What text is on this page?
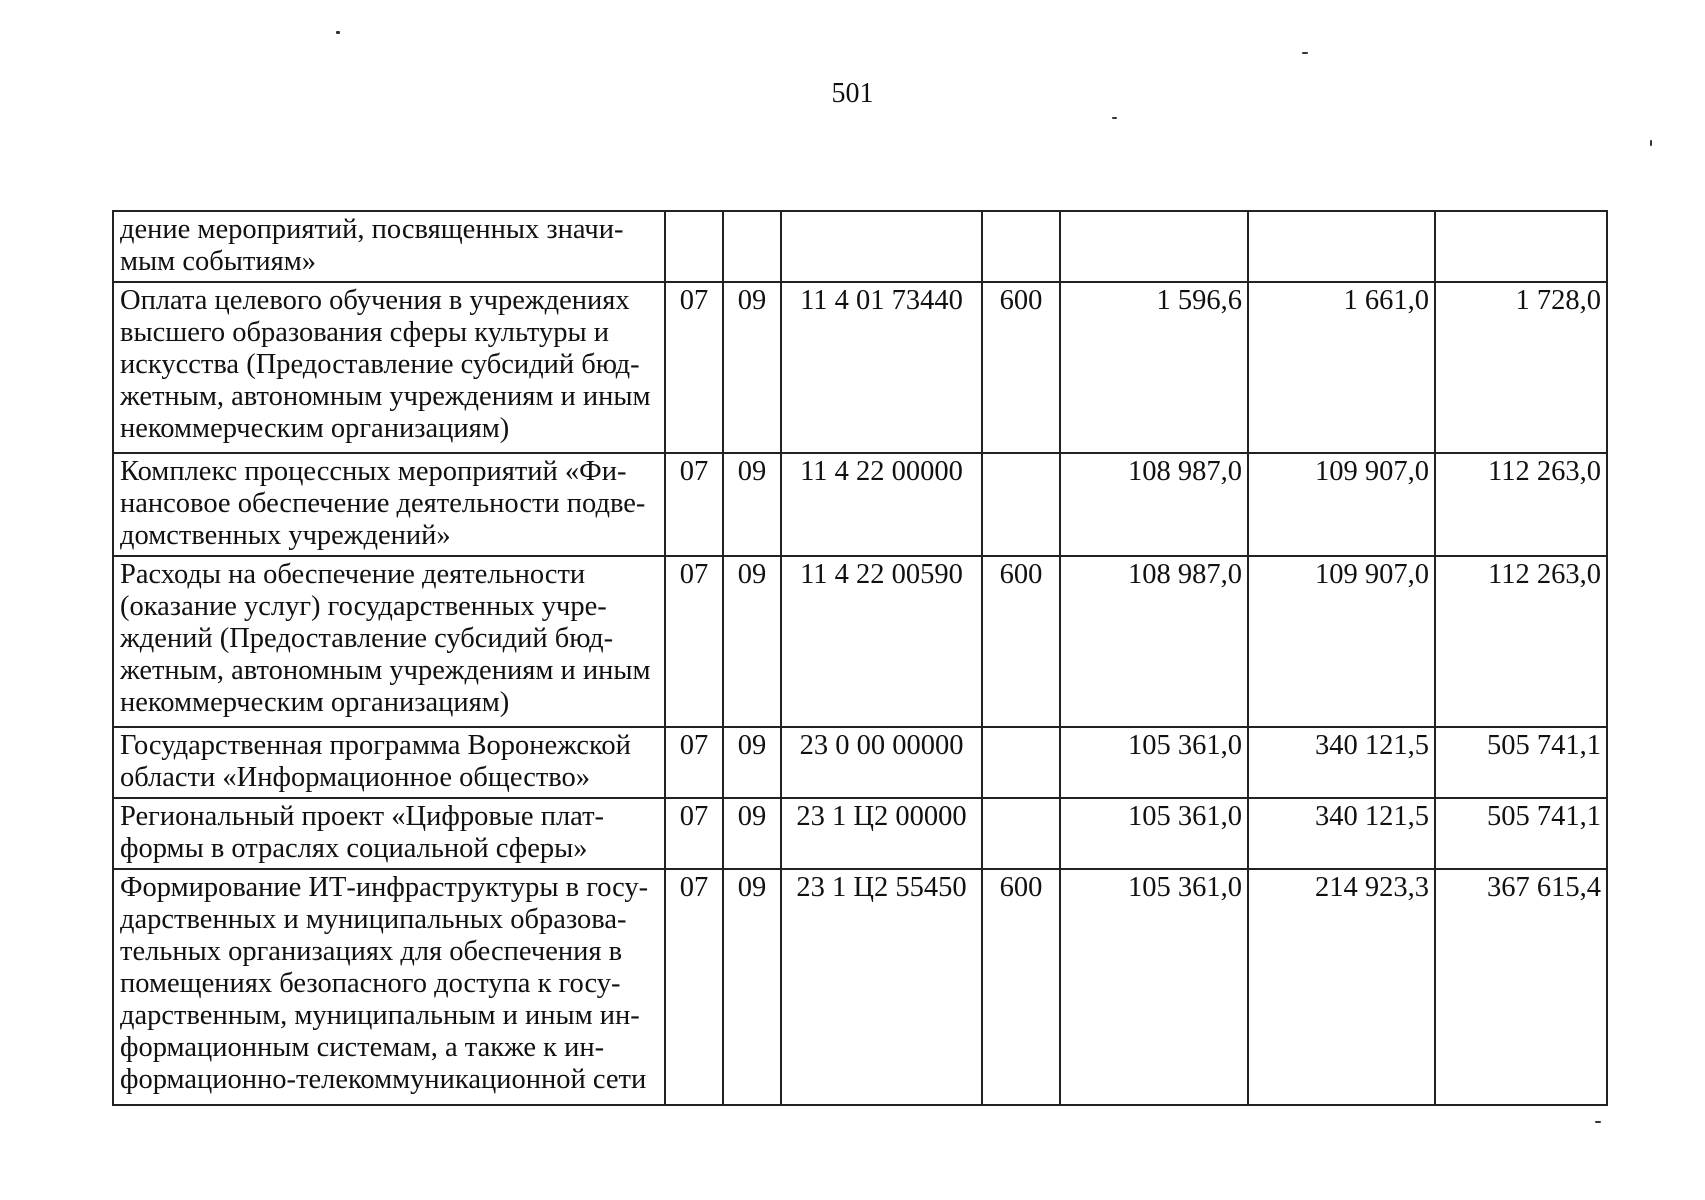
501
дение мероприятий, посвященных значи-
мым событиям»							
Оплата целевого обучения в учреждениях высшего образования сферы культуры и искусства (Предоставление субсидий бюд-жетным, автономным учреждениям и иным некоммерческим организациям)	07	09	11 4 01 73440	600	1 596,6	1 661,0	1 728,0
Комплекс процессных мероприятий «Фи-нансовое обеспечение деятельности подве-домственных учреждений»	07	09	11 4 22 00000		108 987,0	109 907,0	112 263,0
Расходы на обеспечение деятельности (оказание услуг) государственных учре-ждений (Предоставление субсидий бюд-жетным, автономным учреждениям и иным некоммерческим организациям)	07	09	11 4 22 00590	600	108 987,0	109 907,0	112 263,0
Государственная программа Воронежской области «Информационное общество»	07	09	23 0 00 00000		105 361,0	340 121,5	505 741,1
Региональный проект «Цифровые плат-формы в отраслях социальной сферы»	07	09	23 1 Ц2 00000		105 361,0	340 121,5	505 741,1
Формирование ИТ-инфраструктуры в госу-дарственных и муниципальных образова-тельных организациях для обеспечения в помещениях безопасного доступа к госу-дарственным, муниципальным и иным ин-формационным системам, а также к ин-формационно-телекоммуникационной сети	07	09	23 1 Ц2 55450	600	105 361,0	214 923,3	367 615,4
